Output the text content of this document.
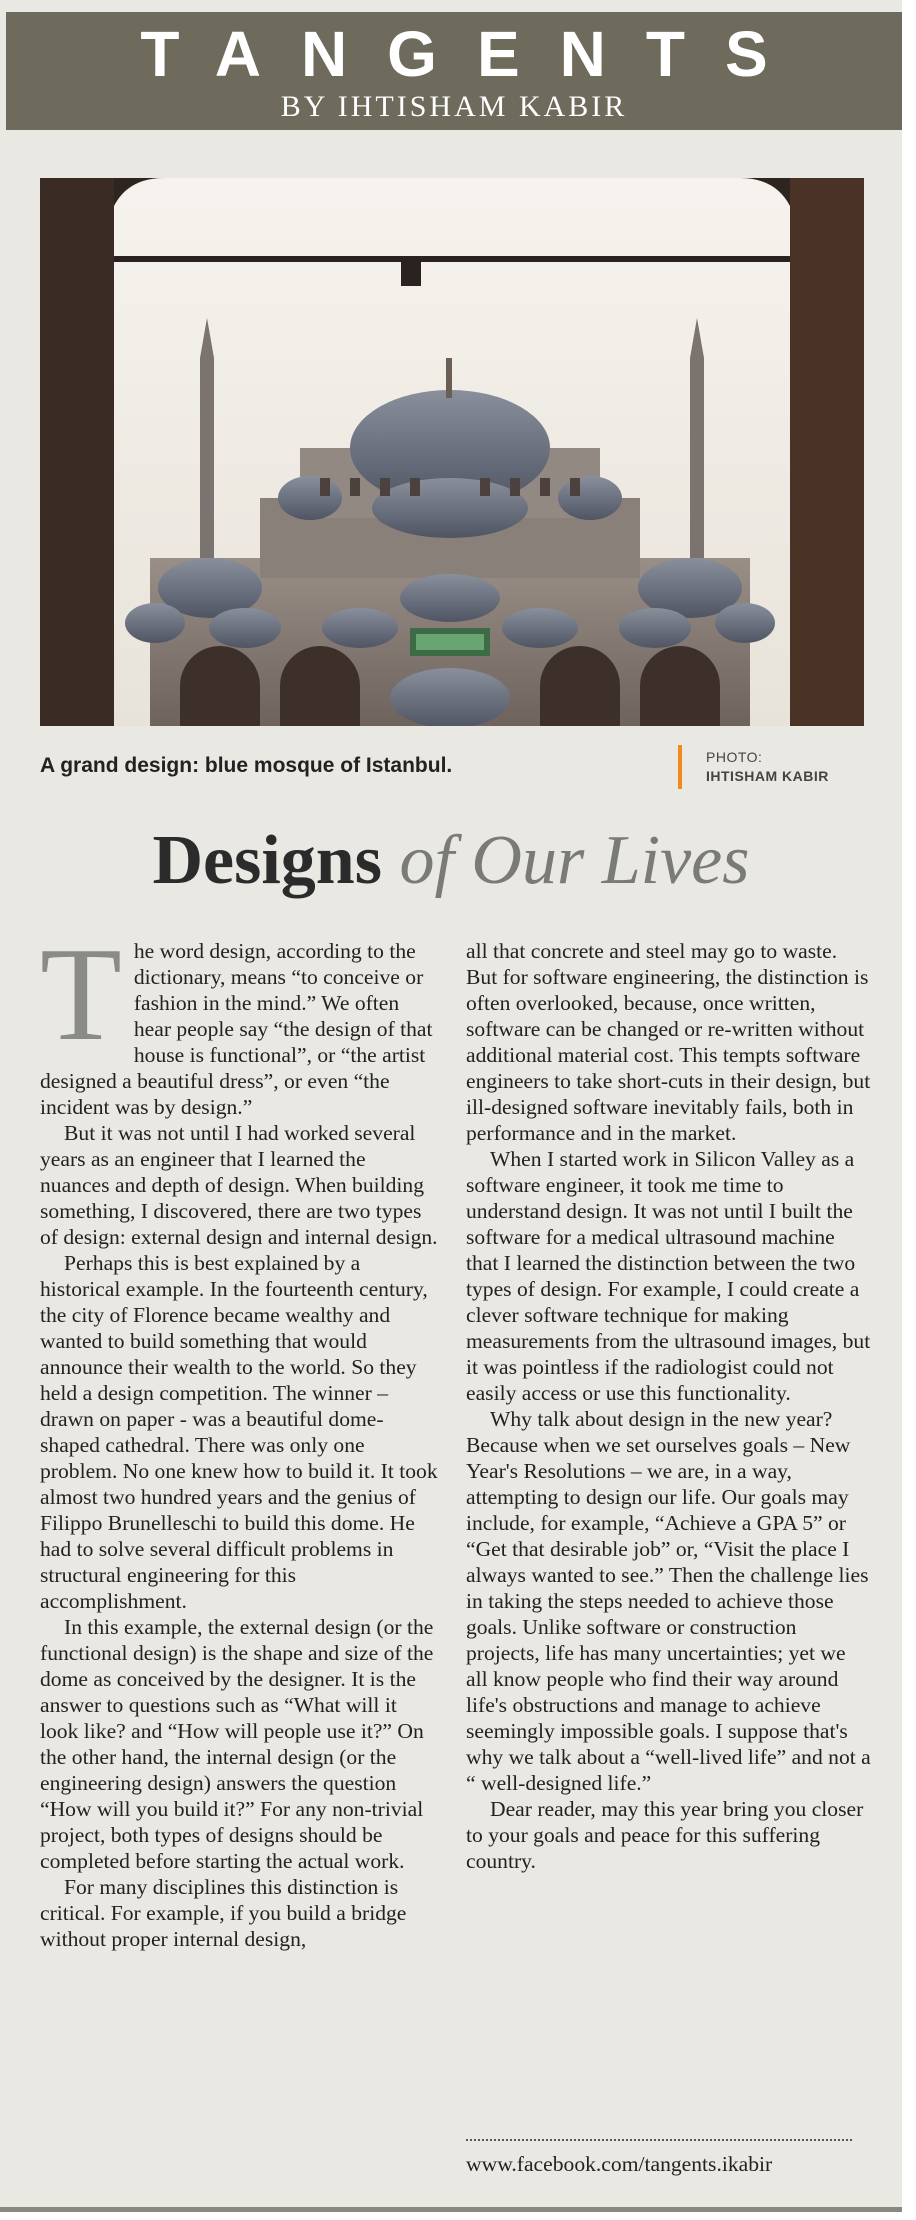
TANGENTS

BY IHTISHAM KABIR

A grand design: blue mosque of Istanbul.	PHOTO:
IHTISHAM KABIR
Designs of Our Lives

The word design, according to the dictionary, means “to conceive or fashion in the mind.” We often hear people say “the design of that house is functional”, or “the artist designed a beautiful dress”, or even “the incident was by design.”

But it was not until I had worked several years as an engineer that I learned the nuances and depth of design. When building something, I discovered, there are two types of design: external design and internal design.

Perhaps this is best explained by a historical example. In the fourteenth century, the city of Florence became wealthy and wanted to build something that would announce their wealth to the world. So they held a design competition. The winner – drawn on paper - was a beautiful dome-shaped cathedral. There was only one problem. No one knew how to build it. It took almost two hundred years and the genius of Filippo Brunelleschi to build this dome. He had to solve several difficult problems in structural engineering for this accomplishment.

In this example, the external design (or the functional design) is the shape and size of the dome as conceived by the designer. It is the answer to questions such as “What will it look like? and “How will people use it?” On the other hand, the internal design (or the engineering design) answers the question “How will you build it?” For any non-trivial project, both types of designs should be completed before starting the actual work.

For many disciplines this distinction is critical. For example, if you build a bridge without proper internal design,

all that concrete and steel may go to waste. But for software engineering, the distinction is often overlooked, because, once written, software can be changed or re-written without additional material cost. This tempts software engineers to take short-cuts in their design, but ill-designed software inevitably fails, both in performance and in the market.

When I started work in Silicon Valley as a software engineer, it took me time to understand design. It was not until I built the software for a medical ultrasound machine that I learned the distinction between the two types of design. For example, I could create a clever software technique for making measurements from the ultrasound images, but it was pointless if the radiologist could not easily access or use this functionality.

Why talk about design in the new year? Because when we set ourselves goals – New Year's Resolutions – we are, in a way, attempting to design our life. Our goals may include, for example, “Achieve a GPA 5” or “Get that desirable job” or, “Visit the place I always wanted to see.” Then the challenge lies in taking the steps needed to achieve those goals. Unlike software or construction projects, life has many uncertainties; yet we all know people who find their way around life's obstructions and manage to achieve seemingly impossible goals. I suppose that's why we talk about a “well-lived life” and not a “ well-designed life.”

Dear reader, may this year bring you closer to your goals and peace for this suffering country.

www.facebook.com/tangents.ikabir
